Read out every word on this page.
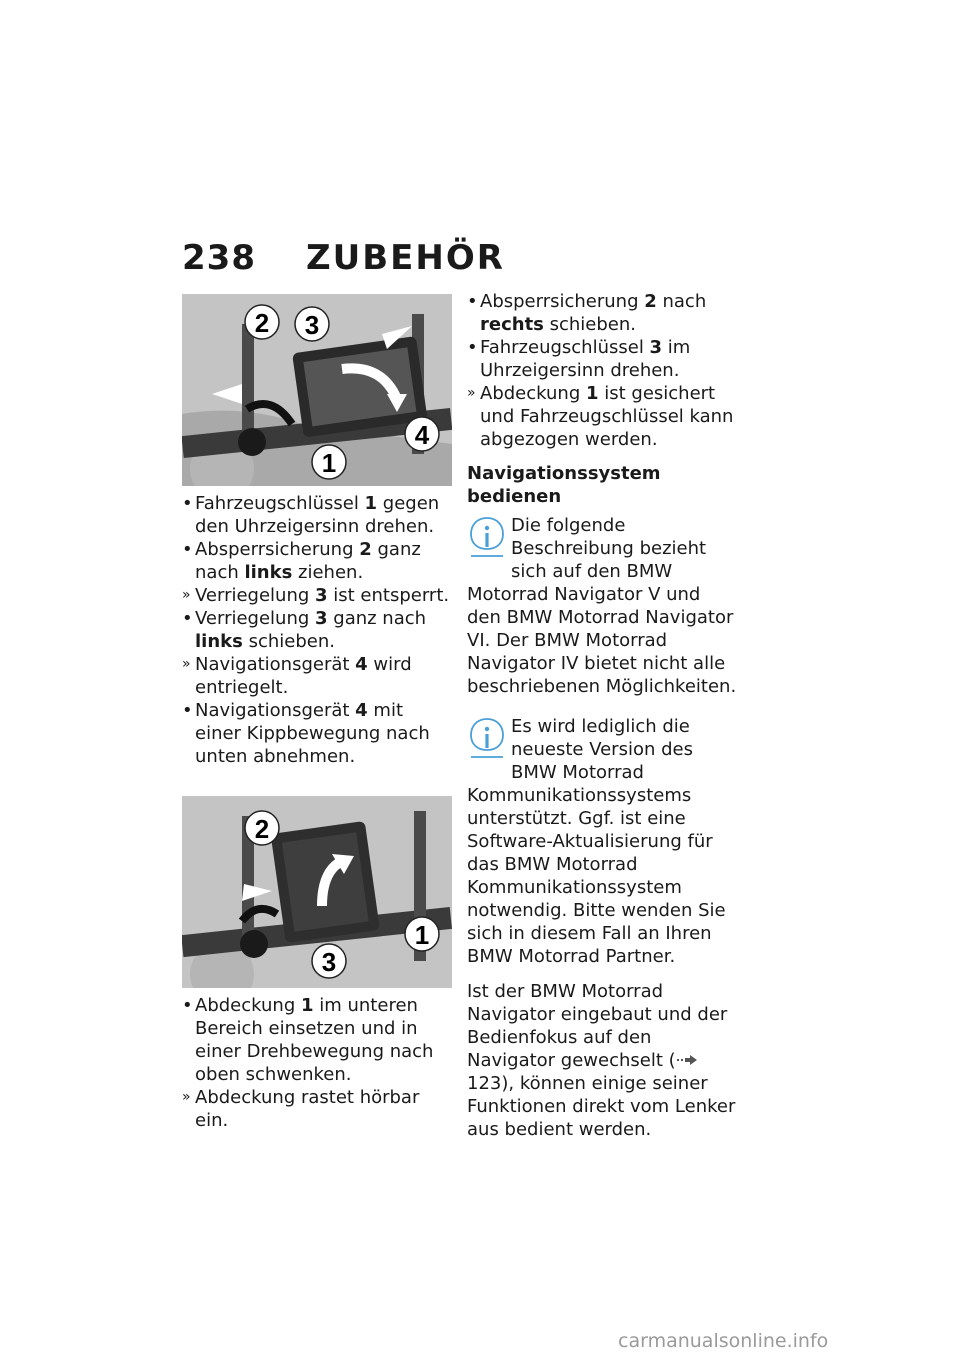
238 ZUBEHÖR
2 3
4
1
• Fahrzeugschlüssel 1 gegen den Uhrzeigersinn drehen.
• Absperrsicherung 2 ganz nach links ziehen.
» Verriegelung 3 ist entsperrt.
• Verriegelung 3 ganz nach links schieben.
» Navigationsgerät 4 wird entriegelt.
• Navigationsgerät 4 mit einer Kippbewegung nach unten abnehmen.
2
1
3
• Abdeckung 1 im unteren Bereich einsetzen und in einer Drehbewegung nach oben schwenken.
» Abdeckung rastet hörbar ein.
• Absperrsicherung 2 nach rechts schieben.
• Fahrzeugschlüssel 3 im Uhrzeigersinn drehen.
» Abdeckung 1 ist gesichert und Fahrzeugschlüssel kann abgezogen werden.
Navigationssystem bedienen
Die folgende Beschreibung bezieht sich auf den BMW Motorrad Navigator V und den BMW Motorrad Navigator VI. Der BMW Motorrad Navigator IV bietet nicht alle beschriebenen Möglichkeiten.
Es wird lediglich die neueste Version des BMW Motorrad Kommunikationssystems unterstützt. Ggf. ist eine Software-Aktualisierung für das BMW Motorrad Kommunikationssystem notwendig. Bitte wenden Sie sich in diesem Fall an Ihren BMW Motorrad Partner.
Ist der BMW Motorrad Navigator eingebaut und der Bedienfokus auf den Navigator gewechselt (123), können einige seiner Funktionen direkt vom Lenker aus bedient werden.
carmanualsonline.info
